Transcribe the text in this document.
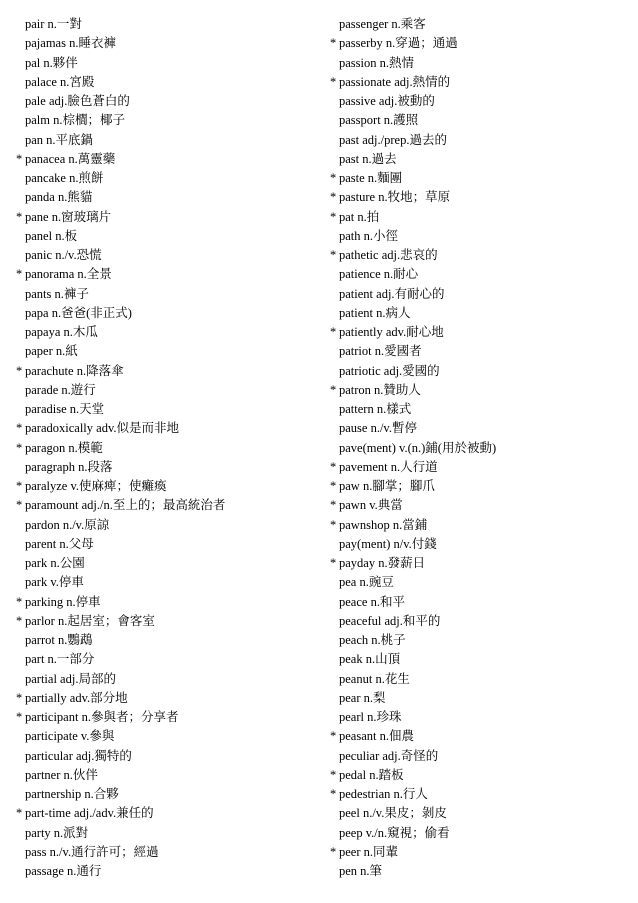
pair n.一對
pajamas n.睡衣褲
pal n.夥伴
palace n.宮殿
pale adj.臉色蒼白的
palm n.棕櫚；椰子
pan n.平底鍋
* panacea n.萬靈藥
pancake n.煎餅
panda n.熊貓
* pane n.窗玻璃片
panel n.板
panic n./v.恐慌
* panorama n.全景
pants n.褲子
papa n.爸爸(非正式)
papaya n.木瓜
paper n.紙
* parachute n.降落傘
parade n.遊行
paradise n.天堂
* paradoxically adv.似是而非地
* paragon n.模範
paragraph n.段落
* paralyze v.使麻痺；使癱瘓
* paramount adj./n.至上的；最高統治者
pardon n./v.原諒
parent n.父母
park n.公園
park v.停車
* parking n.停車
* parlor n.起居室；會客室
parrot n.鸚鵡
part n.一部分
partial adj.局部的
* partially adv.部分地
* participant n.參與者；分享者
participate v.參與
particular adj.獨特的
partner n.伙伴
partnership n.合夥
* part-time adj./adv.兼任的
party n.派對
pass n./v.通行許可；經過
passage n.通行
passenger n.乘客
* passerby n.穿過；通過
passion n.熱情
* passionate adj.熱情的
passive adj.被動的
passport n.護照
past adj./prep.過去的
past n.過去
* paste n.麵團
* pasture n.牧地；草原
* pat n.拍
path n.小徑
* pathetic adj.悲哀的
patience n.耐心
patient adj.有耐心的
patient n.病人
* patiently adv.耐心地
patriot n.愛國者
patriotic adj.愛國的
* patron n.贊助人
pattern n.樣式
pause n./v.暫停
pave(ment) v.(n.)鋪(用於被動)
* pavement n.人行道
* paw n.腳掌；腳爪
* pawn v.典當
* pawnshop n.當鋪
pay(ment) n/v.付錢
* payday n.發薪日
pea n.豌豆
peace n.和平
peaceful adj.和平的
peach n.桃子
peak n.山頂
peanut n.花生
pear n.梨
pearl n.珍珠
* peasant n.佃農
peculiar adj.奇怪的
* pedal n.踏板
* pedestrian n.行人
peel n./v.果皮；剝皮
peep v./n.窺視；偷看
* peer n.同輩
pen n.筆
